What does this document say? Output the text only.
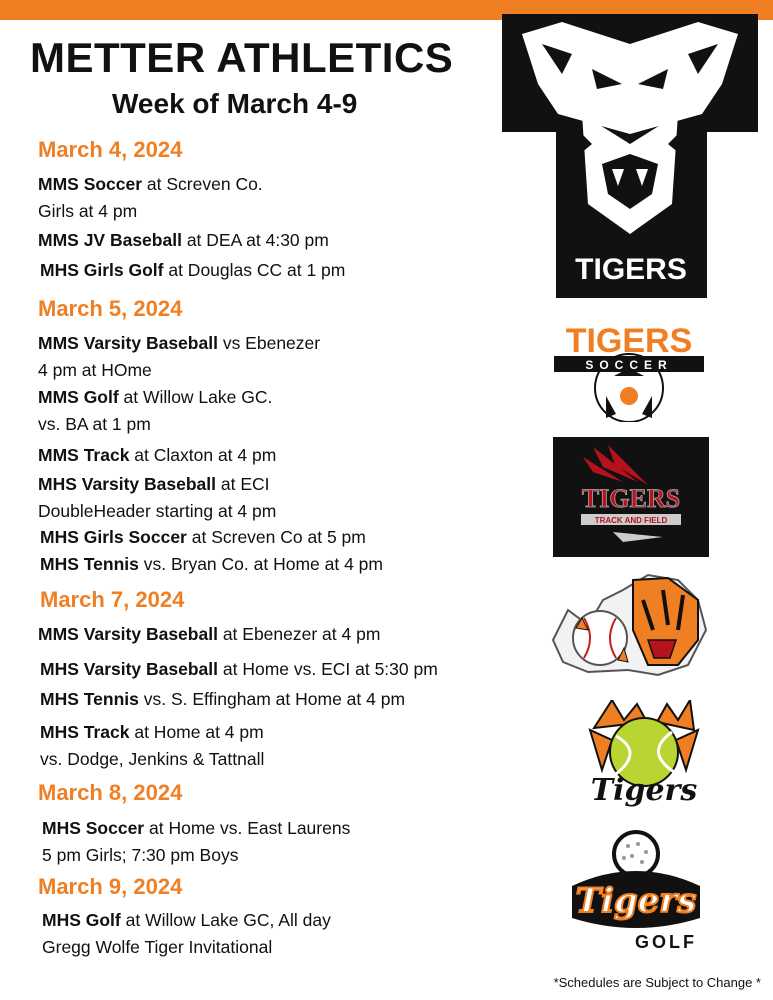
METTER ATHLETICS
Week of March 4-9
March 4, 2024
MMS Soccer at Screven Co.
Girls at 4 pm
MMS JV Baseball at DEA at 4:30 pm
MHS Girls Golf at Douglas CC at 1 pm
March 5, 2024
MMS Varsity Baseball vs Ebenezer
4 pm at HOme
MMS Golf at Willow Lake GC.
vs. BA at 1 pm
MMS Track at Claxton at 4 pm
MHS Varsity Baseball at ECI
DoubleHeader starting at 4 pm
MHS Girls Soccer at Screven Co at 5 pm
MHS Tennis vs. Bryan Co. at Home at 4 pm
March 7, 2024
MMS Varsity Baseball at Ebenezer at 4 pm
MHS Varsity Baseball at Home vs. ECI at 5:30 pm
MHS Tennis vs. S. Effingham at Home at 4 pm
MHS Track at Home at 4 pm
vs. Dodge, Jenkins & Tattnall
March 8, 2024
MHS Soccer at Home vs. East Laurens
5 pm Girls; 7:30 pm Boys
March 9, 2024
MHS Golf at Willow Lake GC, All day
Gregg Wolfe Tiger Invitational
*Schedules are Subject to Change *
TIGERS
TIGERS
SOCCER
TIGERS
TRACK AND FIELD
Tigers
Tigers
GOLF
